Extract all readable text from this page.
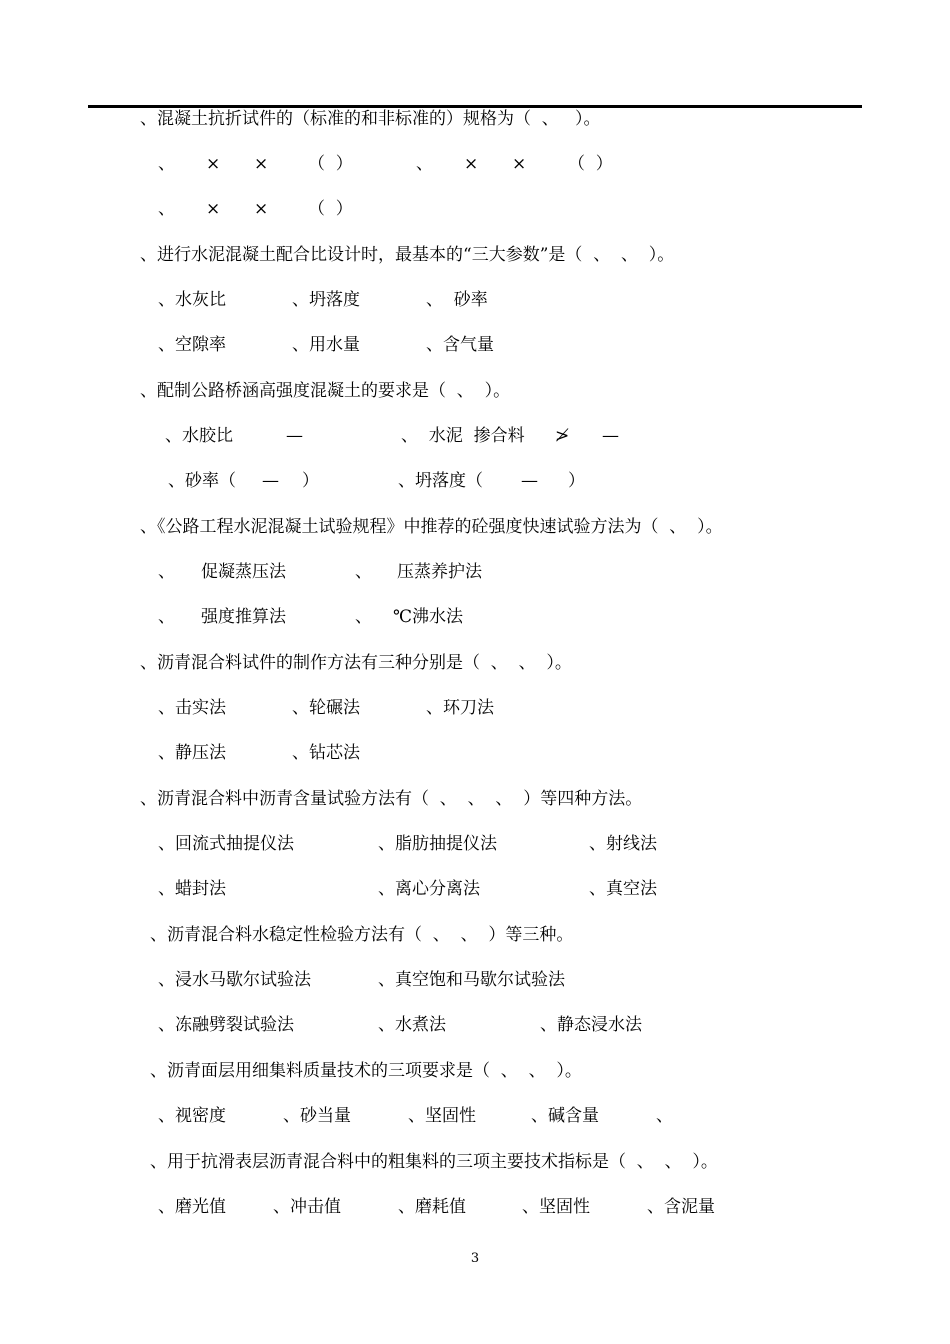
、混凝土抗折试件的（标准的和非标准的）规格为（  、   ）。
、 × × （  ）	、 × × （  ）
、 × × （  ）
、进行水泥混凝土配合比设计时，最基本的“三大参数”是（  、  、  ）。
、水灰比	、坍落度	、  砂率
、空隙率	、用水量	、含气量
、配制公路桥涵高强度混凝土的要求是（  、  ）。
、水胶比	—	、  水泥  掺合料 ≯ —
、砂率（ — ）	、坍落度（ — ）
、《公路工程水泥混凝土试验规程》中推荐的砼强度快速试验方法为（  、  ）。
、 促凝蒸压法	、 压蒸养护法
、 强度推算法	、 ℃沸水法
、沥青混合料试件的制作方法有三种分别是（  、  、  ）。
、击实法	、轮碾法	、环刀法
、静压法	、钻芯法
、沥青混合料中沥青含量试验方法有（  、  、  、  ）等四种方法。
、回流式抽提仪法	、脂肪抽提仪法	、射线法
、蜡封法	、离心分离法	、真空法
、沥青混合料水稳定性检验方法有（  、  、  ）等三种。
、浸水马歇尔试验法	、真空饱和马歇尔试验法
、冻融劈裂试验法	、水煮法	、静态浸水法
、沥青面层用细集料质量技术的三项要求是（  、  、  ）。
、视密度	、砂当量	、坚固性	、碱含量	、
、用于抗滑表层沥青混合料中的粗集料的三项主要技术指标是（  、  、  ）。
、磨光值	、冲击值	、磨耗值	、坚固性	、含泥量
3
